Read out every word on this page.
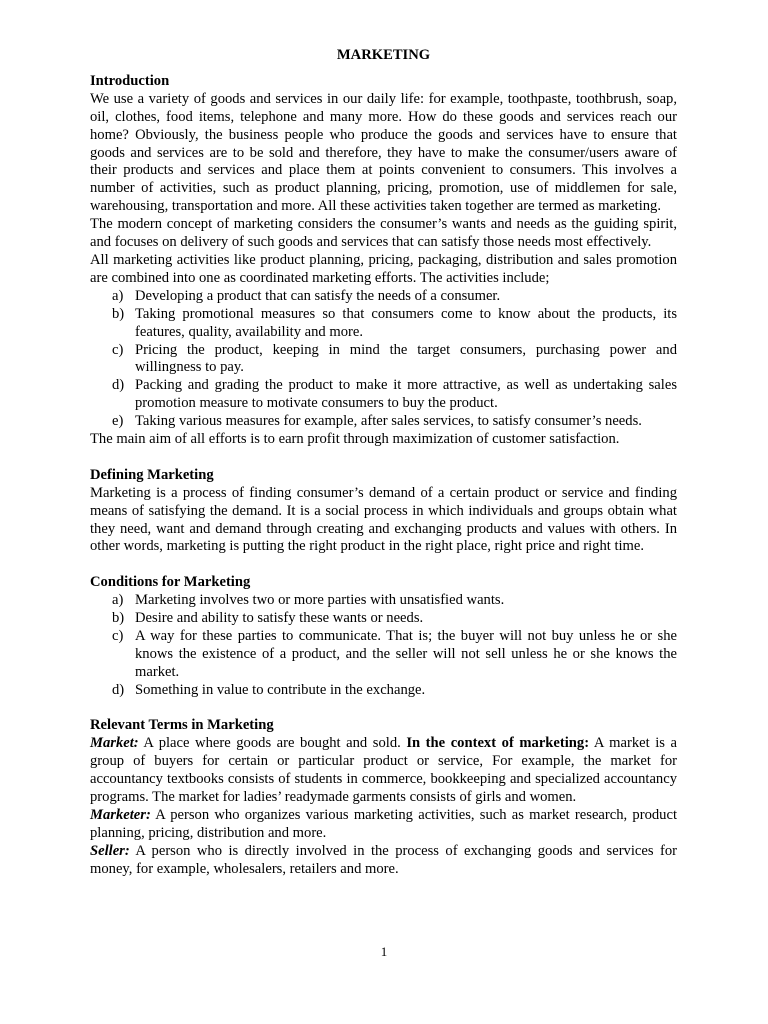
MARKETING
Introduction

We use a variety of goods and services in our daily life: for example, toothpaste, toothbrush, soap, oil, clothes, food items, telephone and many more. How do these goods and services reach our home? Obviously, the business people who produce the goods and services have to ensure that goods and services are to be sold and therefore, they have to make the consumer/users aware of their products and services and place them at points convenient to consumers. This involves a number of activities, such as product planning, pricing, promotion, use of middlemen for sale, warehousing, transportation and more. All these activities taken together are termed as marketing.

The modern concept of marketing considers the consumer’s wants and needs as the guiding spirit, and focuses on delivery of such goods and services that can satisfy those needs most effectively.

All marketing activities like product planning, pricing, packaging, distribution and sales promotion are combined into one as coordinated marketing efforts. The activities include;

a) Developing a product that can satisfy the needs of a consumer.
b) Taking promotional measures so that consumers come to know about the products, its features, quality, availability and more.
c) Pricing the product, keeping in mind the target consumers, purchasing power and willingness to pay.
d) Packing and grading the product to make it more attractive, as well as undertaking sales promotion measure to motivate consumers to buy the product.
e) Taking various measures for example, after sales services, to satisfy consumer’s needs.

The main aim of all efforts is to earn profit through maximization of customer satisfaction.

Defining Marketing

Marketing is a process of finding consumer’s demand of a certain product or service and finding means of satisfying the demand. It is a social process in which individuals and groups obtain what they need, want and demand through creating and exchanging products and values with others. In other words, marketing is putting the right product in the right place, right price and right time.

Conditions for Marketing
a) Marketing involves two or more parties with unsatisfied wants.
b) Desire and ability to satisfy these wants or needs.
c) A way for these parties to communicate. That is; the buyer will not buy unless he or she knows the existence of a product, and the seller will not sell unless he or she knows the market.
d) Something in value to contribute in the exchange.
Relevant Terms in Marketing

Market: A place where goods are bought and sold. In the context of marketing: A market is a group of buyers for certain or particular product or service, For example, the market for accountancy textbooks consists of students in commerce, bookkeeping and specialized accountancy programs. The market for ladies’ readymade garments consists of girls and women.

Marketer: A person who organizes various marketing activities, such as market research, product planning, pricing, distribution and more.

Seller: A person who is directly involved in the process of exchanging goods and services for money, for example, wholesalers, retailers and more.

1
